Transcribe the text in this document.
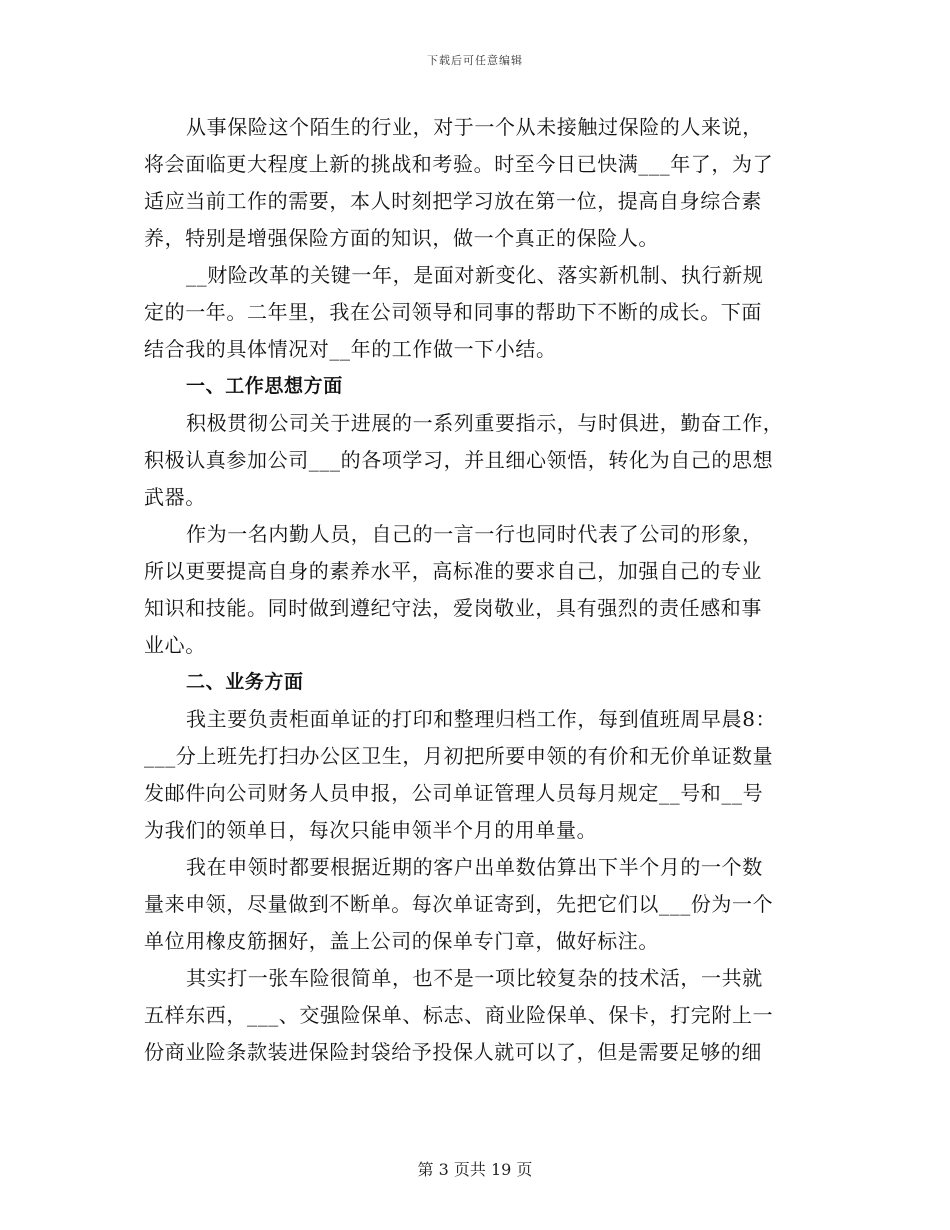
下载后可任意编辑
从事保险这个陌生的行业，对于一个从未接触过保险的人来说，
将会面临更大程度上新的挑战和考验。时至今日已快满___年了，为了
适应当前工作的需要，本人时刻把学习放在第一位，提高自身综合素
养，特别是增强保险方面的知识，做一个真正的保险人。
__财险改革的关键一年，是面对新变化、落实新机制、执行新规
定的一年。二年里，我在公司领导和同事的帮助下不断的成长。下面
结合我的具体情况对__年的工作做一下小结。
一、工作思想方面
积极贯彻公司关于进展的一系列重要指示，与时俱进，勤奋工作，
积极认真参加公司___的各项学习，并且细心领悟，转化为自己的思想
武器。
作为一名内勤人员，自己的一言一行也同时代表了公司的形象，
所以更要提高自身的素养水平，高标准的要求自己，加强自己的专业
知识和技能。同时做到遵纪守法，爱岗敬业，具有强烈的责任感和事
业心。
二、业务方面
我主要负责柜面单证的打印和整理归档工作，每到值班周早晨8：
___分上班先打扫办公区卫生，月初把所要申领的有价和无价单证数量
发邮件向公司财务人员申报，公司单证管理人员每月规定__号和__号
为我们的领单日，每次只能申领半个月的用单量。
我在申领时都要根据近期的客户出单数估算出下半个月的一个数
量来申领，尽量做到不断单。每次单证寄到，先把它们以___份为一个
单位用橡皮筋捆好，盖上公司的保单专门章，做好标注。
其实打一张车险很简单，也不是一项比较复杂的技术活，一共就
五样东西，___、交强险保单、标志、商业险保单、保卡，打完附上一
份商业险条款装进保险封袋给予投保人就可以了，但是需要足够的细
第 3 页共 19 页
